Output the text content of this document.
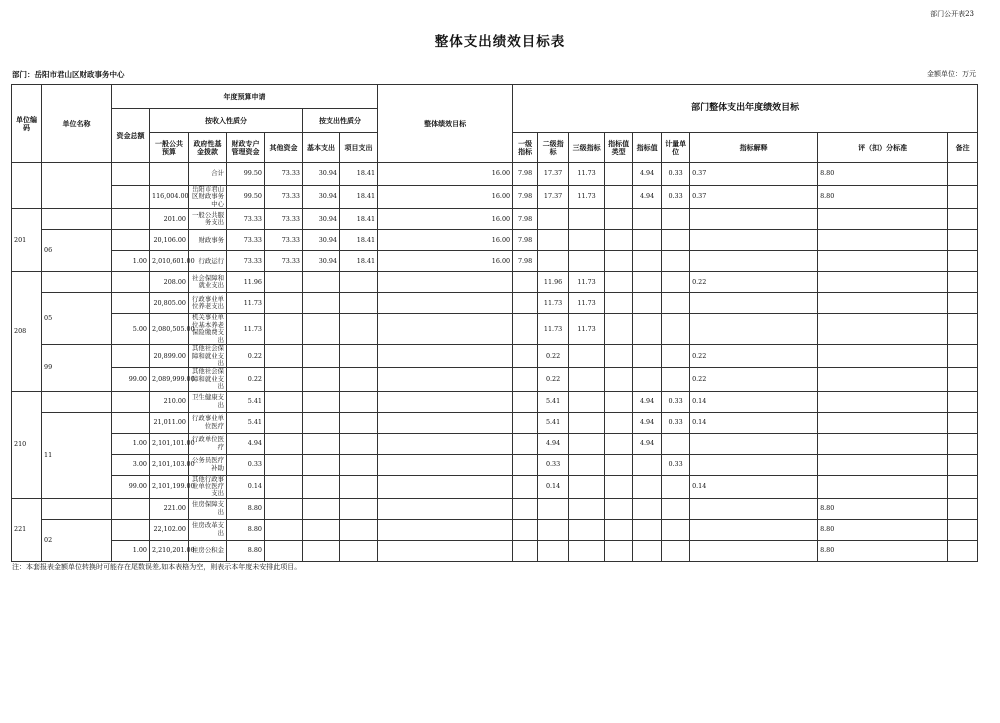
部门公开表23
整体支出绩效目标表
部门：岳阳市君山区财政事务中心	金额单位：万元
单位编码	单位名称	年度预算申请							整体绩效目标	部门整体支出年度绩效目标									
		资金总额	按收入性质分				按支出性质分												
			一般公共预算	政府性基金拨款	财政专户管理资金	其他资金	基本支出	项目支出		一级指标	二级指标	三级指标	指标值类型	指标值	计量单位	指标解释	评（扣）分标准	备注	
				合计	99.50	73.33	30.94	18.41	16.00	7.98	17.37	11.73		4.94	0.33	0.37	8.80		
			116,004.00	岳阳市君山区财政事务中心	99.50	73.33	30.94	18.41	16.00	7.98	17.37	11.73		4.94	0.33	0.37	8.80		
201			201.00	一般公共服务支出	73.33	73.33	30.94	18.41	16.00	7.98									
	06		20,106.00	财政事务	73.33	73.33	30.94	18.41	16.00	7.98									
		1.00	2,010,601.00	行政运行	73.33	73.33	30.94	18.41	16.00	7.98									
208			208.00	社会保障和就业支出	11.96						11.96	11.73				0.22			
	05		20,805.00	行政事业单位养老支出	11.73						11.73	11.73							
		5.00	2,080,505.00	机关事业单位基本养老保险缴费支出	11.73						11.73	11.73							
	99		20,899.00	其他社会保障和就业支出	0.22						0.22					0.22			
		99.00	2,089,999.00	其他社会保障和就业支出	0.22						0.22					0.22			
210			210.00	卫生健康支出	5.41						5.41			4.94	0.33	0.14			
	11		21,011.00	行政事业单位医疗	5.41						5.41			4.94	0.33	0.14			
		1.00	2,101,101.00	行政单位医疗	4.94						4.94			4.94					
		3.00	2,101,103.00	公务员医疗补助	0.33						0.33				0.33				
		99.00	2,101,199.00	其他行政事业单位医疗支出	0.14						0.14					0.14			
221			221.00	住房保障支出	8.80												8.80		
	02		22,102.00	住房改革支出	8.80												8.80		
		1.00	2,210,201.00	住房公积金	8.80												8.80		
注：本套报表金额单位转换时可能存在尾数误差,如本表格为空，则表示本年度未安排此项目。
